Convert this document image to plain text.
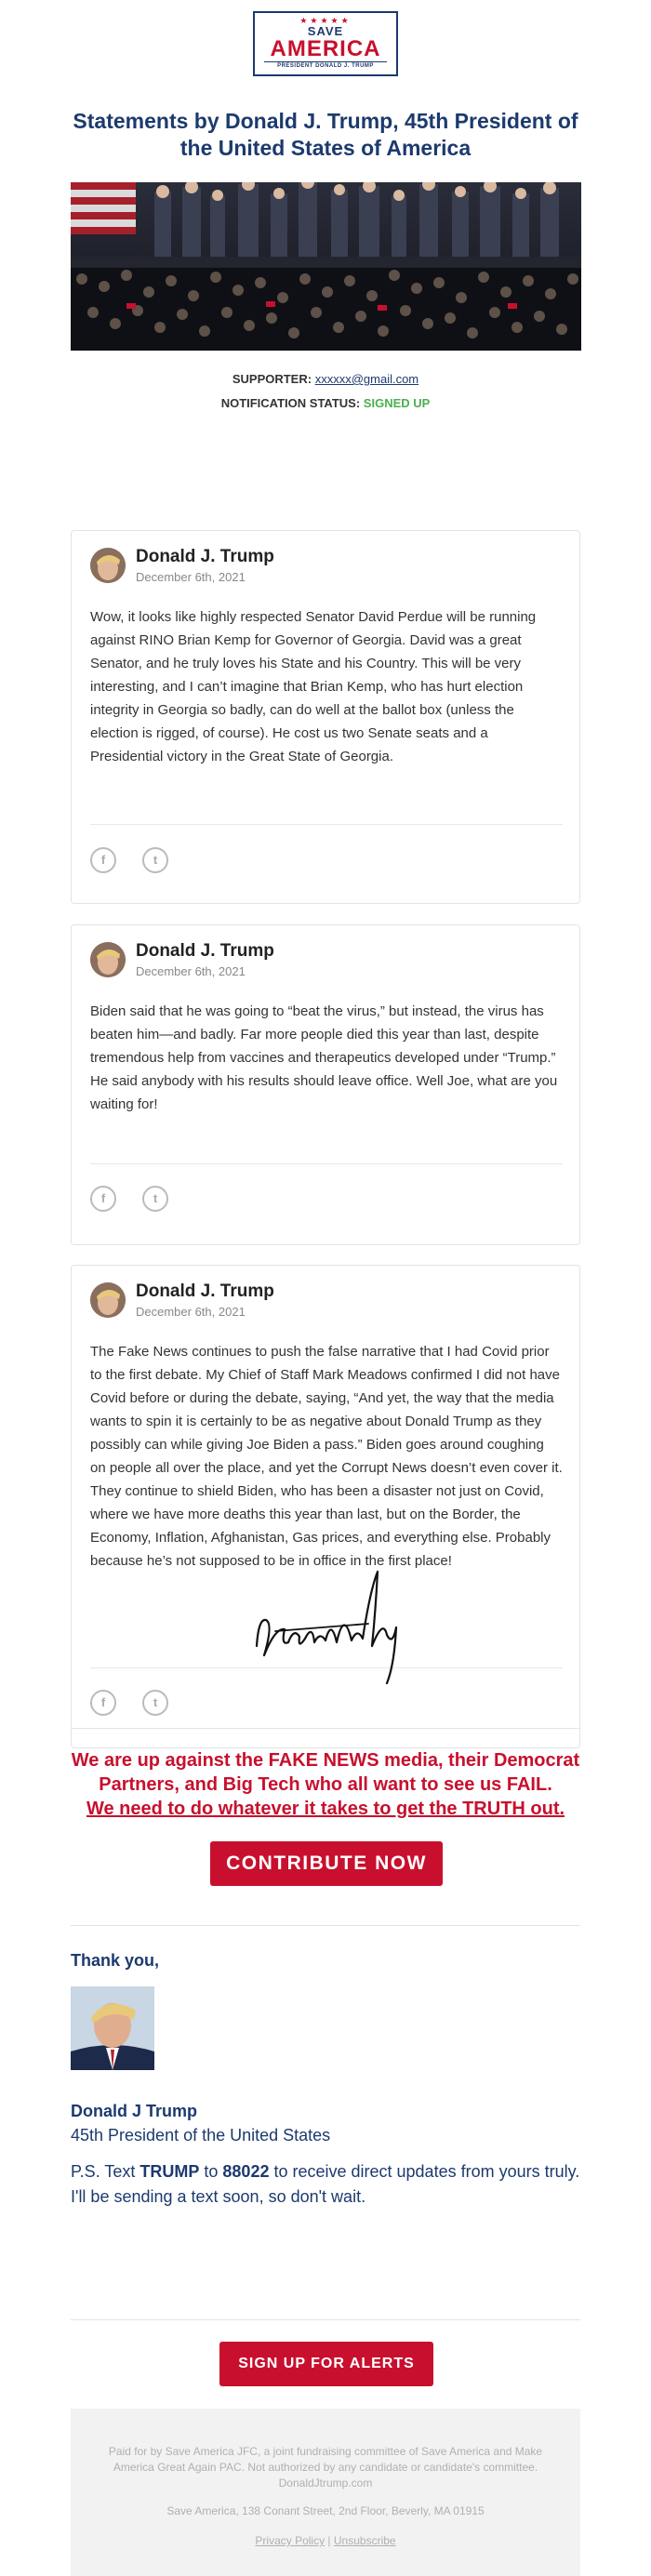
★★★★★
SAVE
AMERICA
PRESIDENT DONALD J. TRUMP
Statements by Donald J. Trump, 45th President of the United States of America
SUPPORTER: xxxxxx@gmail.com
NOTIFICATION STATUS: SIGNED UP
Donald J. Trump
December 6th, 2021
Wow, it looks like highly respected Senator David Perdue will be running against RINO Brian Kemp for Governor of Georgia. David was a great Senator, and he truly loves his State and his Country. This will be very interesting, and I can’t imagine that Brian Kemp, who has hurt election integrity in Georgia so badly, can do well at the ballot box (unless the election is rigged, of course). He cost us two Senate seats and a Presidential victory in the Great State of Georgia.
f	t
Donald J. Trump
December 6th, 2021
Biden said that he was going to “beat the virus,” but instead, the virus has beaten him—and badly. Far more people died this year than last, despite tremendous help from vaccines and therapeutics developed under “Trump.” He said anybody with his results should leave office. Well Joe, what are you waiting for!
f	t
Donald J. Trump
December 6th, 2021
The Fake News continues to push the false narrative that I had Covid prior to the first debate. My Chief of Staff Mark Meadows confirmed I did not have Covid before or during the debate, saying, “And yet, the way that the media wants to spin it is certainly to be as negative about Donald Trump as they possibly can while giving Joe Biden a pass.” Biden goes around coughing on people all over the place, and yet the Corrupt News doesn’t even cover it. They continue to shield Biden, who has been a disaster not just on Covid, where we have more deaths this year than last, but on the Border, the Economy, Inflation, Afghanistan, Gas prices, and everything else. Probably because he’s not supposed to be in office in the first place!
f	t
We are up against the FAKE NEWS media, their Democrat Partners, and Big Tech who all want to see us FAIL.
We need to do whatever it takes to get the TRUTH out.
CONTRIBUTE NOW
Thank you,
Donald J Trump
45th President of the United States
P.S. Text TRUMP to 88022 to receive direct updates from yours truly. I'll be sending a text soon, so don't wait.
SIGN UP FOR ALERTS
Paid for by Save America JFC, a joint fundraising committee of Save America and Make America Great Again PAC. Not authorized by any candidate or candidate's committee. DonaldJtrump.com
Save America, 138 Conant Street, 2nd Floor, Beverly, MA 01915
Privacy Policy | Unsubscribe
